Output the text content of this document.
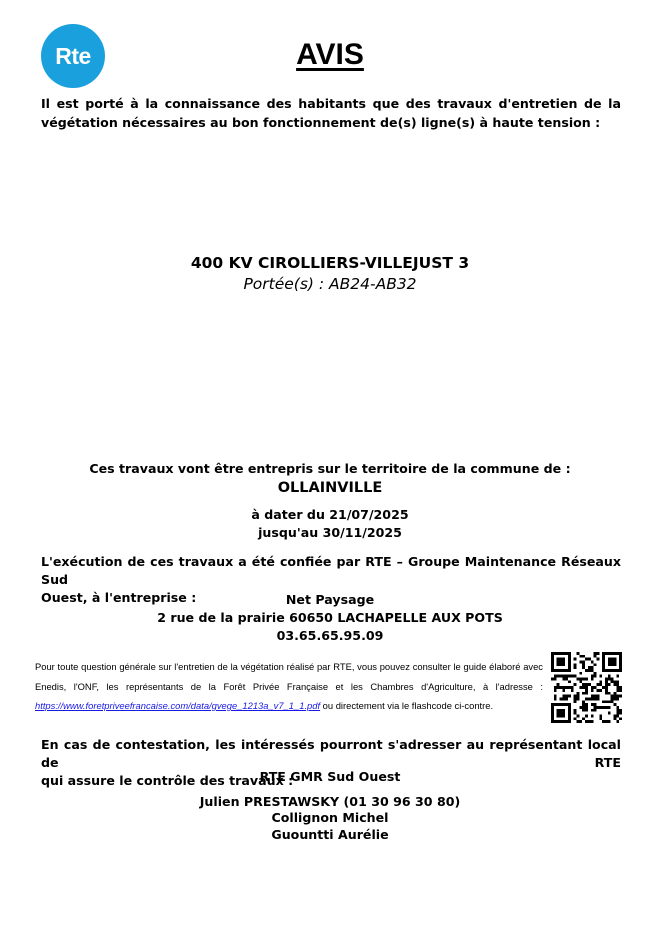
Rte	AVIS
Il est porté à la connaissance des habitants que des travaux d'entretien de la
végétation nécessaires au bon fonctionnement de(s) ligne(s) à haute tension :
400 KV CIROLLIERS-VILLEJUST 3
Portée(s) : AB24-AB32
Ces travaux vont être entrepris sur le territoire de la commune de :
OLLAINVILLE
à dater du 21/07/2025
jusqu'au 30/11/2025
L'exécution de ces travaux a été confiée par RTE – Groupe Maintenance Réseaux Sud
Ouest, à l'entreprise :	Net Paysage
2 rue de la prairie 60650 LACHAPELLE AUX POTS
03.65.65.95.09
Pour toute question générale sur l'entretien de la végétation réalisé par RTE, vous pouvez consulter le guide élaboré avec Enedis, l'ONF, les représentants de la Forêt Privée Française et les Chambres d'Agriculture, à l'adresse : https://www.foretpriveefrancaise.com/data/gvege_1213a_v7_1_1.pdf ou directement via le flashcode ci-contre.
En cas de contestation, les intéressés pourront s'adresser au représentant local de RTE
qui assure le contrôle des travaux :
RTE GMR Sud Ouest
Julien PRESTAWSKY (01 30 96 30 80)
Collignon Michel
Guountti Aurélie
